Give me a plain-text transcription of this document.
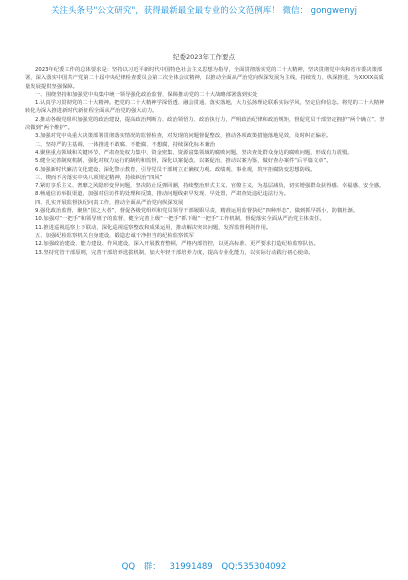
关注头条号"公文研究"，获得最新最全最专业的公文范例库！ 微信： gongwenyj
纪委2023年工作要点

2023年纪委工作的总体要求是：坚持以习近平新时代中国特色社会主义思想为指导，全面贯彻落实党的二十大精神，坚决贯彻党中央和省市委决策部署，深入落实中国共产党第二十届中央纪律检查委员会第二次全体会议精神，以推动全面从严治党向纵深发展为主线，持续发力、纵深推进，为XXXX高质量发展提供坚强保障。

一、围绕坚持和加强党中央集中统一领导强化政治监督，保障推动党的二十大战略部署落到实处

1.认真学习贯彻党的二十大精神。把党的二十大精神学深悟透、融会贯通、落实落地，大力弘扬理论联系实际学风，坚定信仰信念。将党的二十大精神转化为深入推进新时代新征程全面从严治党的强大动力。

2.推动各级党组织加强党的政治建设，提高政治判断力、政治领悟力、政治执行力，严明政治纪律和政治规矩，督促党员干部坚定拥护“两个确立”、坚决做到“两个维护”。

3.加强对党中央重大决策部署贯彻落实情况的监督检查，对发现的问题督促整改，推动各项政策措施落地见效，及时纠正偏差。

二、坚持严的主基调，一体推进不敢腐、不能腐、不想腐，持续深化标本兼治

4.聚焦重点领域和关键环节，严肃查处权力集中、资金密集、资源富集领域的腐败问题，坚决查处群众身边的腐败问题，形成有力震慑。

5.健全完善制度机制，强化对权力运行的制约和监督，深化以案促改、以案促治，推动以案为鉴，做好查办案件“后半篇文章”。

6.加强新时代廉洁文化建设，深化警示教育，引导党员干部树立正确权力观、政绩观、事业观，筑牢拒腐防变思想防线。

三、锲而不舍落实中央八项规定精神，持续纠治“四风”

7.紧盯享乐主义、奢靡之风隐形变异问题，坚决防止反弹回潮，持续整治形式主义、官僚主义，为基层减负，切实增强群众获得感、幸福感、安全感。

8.畅通信访举报渠道，加强对信访件的处理和反馈，推动问题线索早发现、早处置，严肃查处违纪违法行为。

四、扎实开展监督执纪问责工作，推动全面从严治党向纵深发展

9.强化政治监督，聚焦“国之大者”，督促各级党组织和党员领导干部履职尽责，精准运用监督执纪“四种形态”，做到抓早抓小、防微杜渐。

10.加强对“一把手”和领导班子的监督，健全完善上级“一把手”抓下级“一把手”工作机制，督促落实全面从严治党主体责任。

11.推进巡视巡察上下联动，深化巡视巡察整改和成果运用，推动解决突出问题，发挥监督利剑作用。

五、加强纪检监察机关自身建设，锻造忠诚干净担当的纪检监察铁军

12.加强政治建设、能力建设、作风建设，深入开展教育整顿，严格内部管控，以更高标准、更严要求打造纪检监察队伍。

13.坚持党管干部原则，完善干部培养选拔机制，加大年轻干部培养力度，提高专业化能力，以实际行动践行初心使命。

QQ 群： 31991489 QQ:535304092
